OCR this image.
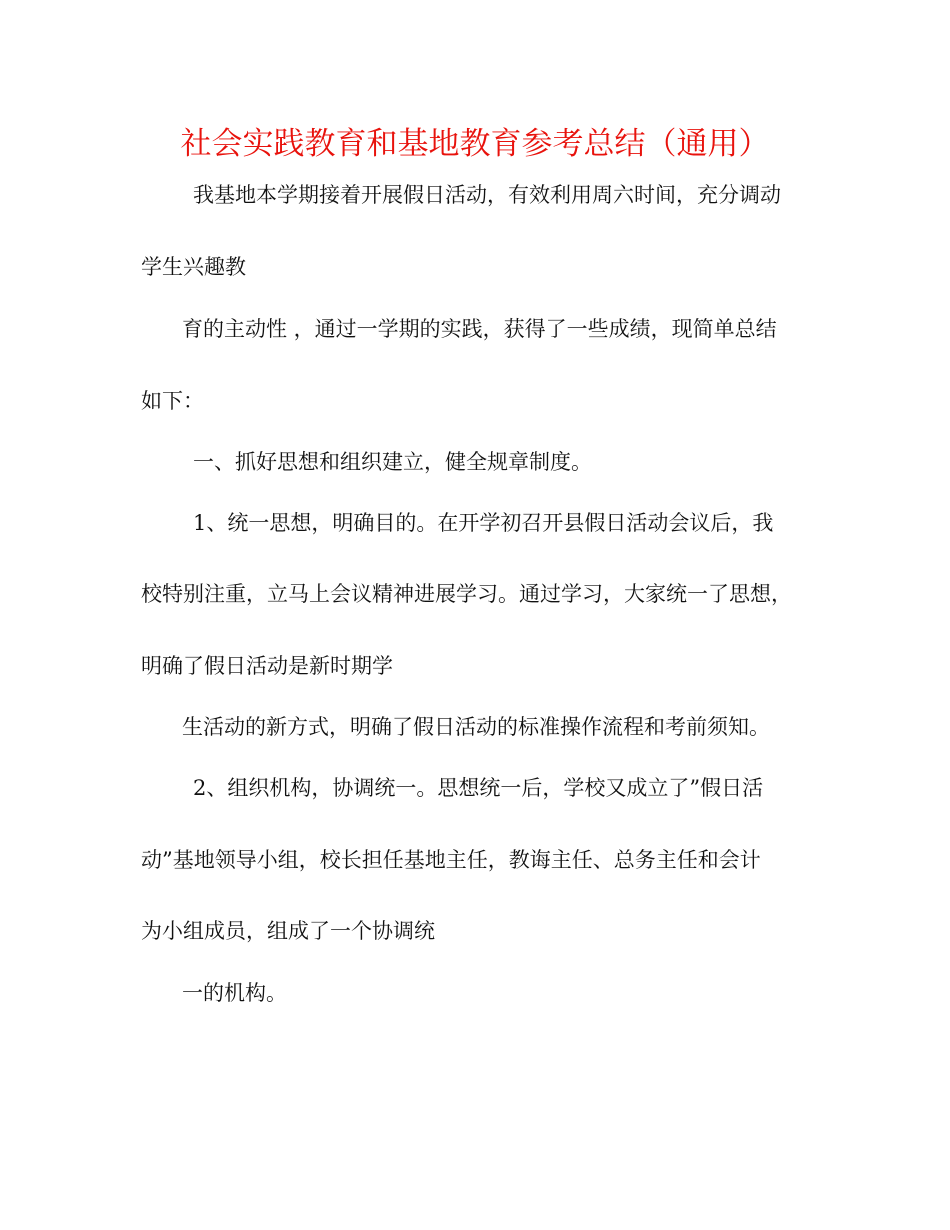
社会实践教育和基地教育参考总结（通用）
我基地本学期接着开展假日活动，有效利用周六时间，充分调动
学生兴趣教
育的主动性 ，通过一学期的实践，获得了一些成绩，现简单总结
如下：
一、抓好思想和组织建立，健全规章制度。
1、统一思想，明确目的。在开学初召开县假日活动会议后，我
校特别注重，立马上会议精神进展学习。通过学习，大家统一了思想，
明确了假日活动是新时期学
生活动的新方式，明确了假日活动的标准操作流程和考前须知。
2、组织机构，协调统一。思想统一后，学校又成立了”假日活
动”基地领导小组，校长担任基地主任，教诲主任、总务主任和会计
为小组成员，组成了一个协调统
一的机构。
